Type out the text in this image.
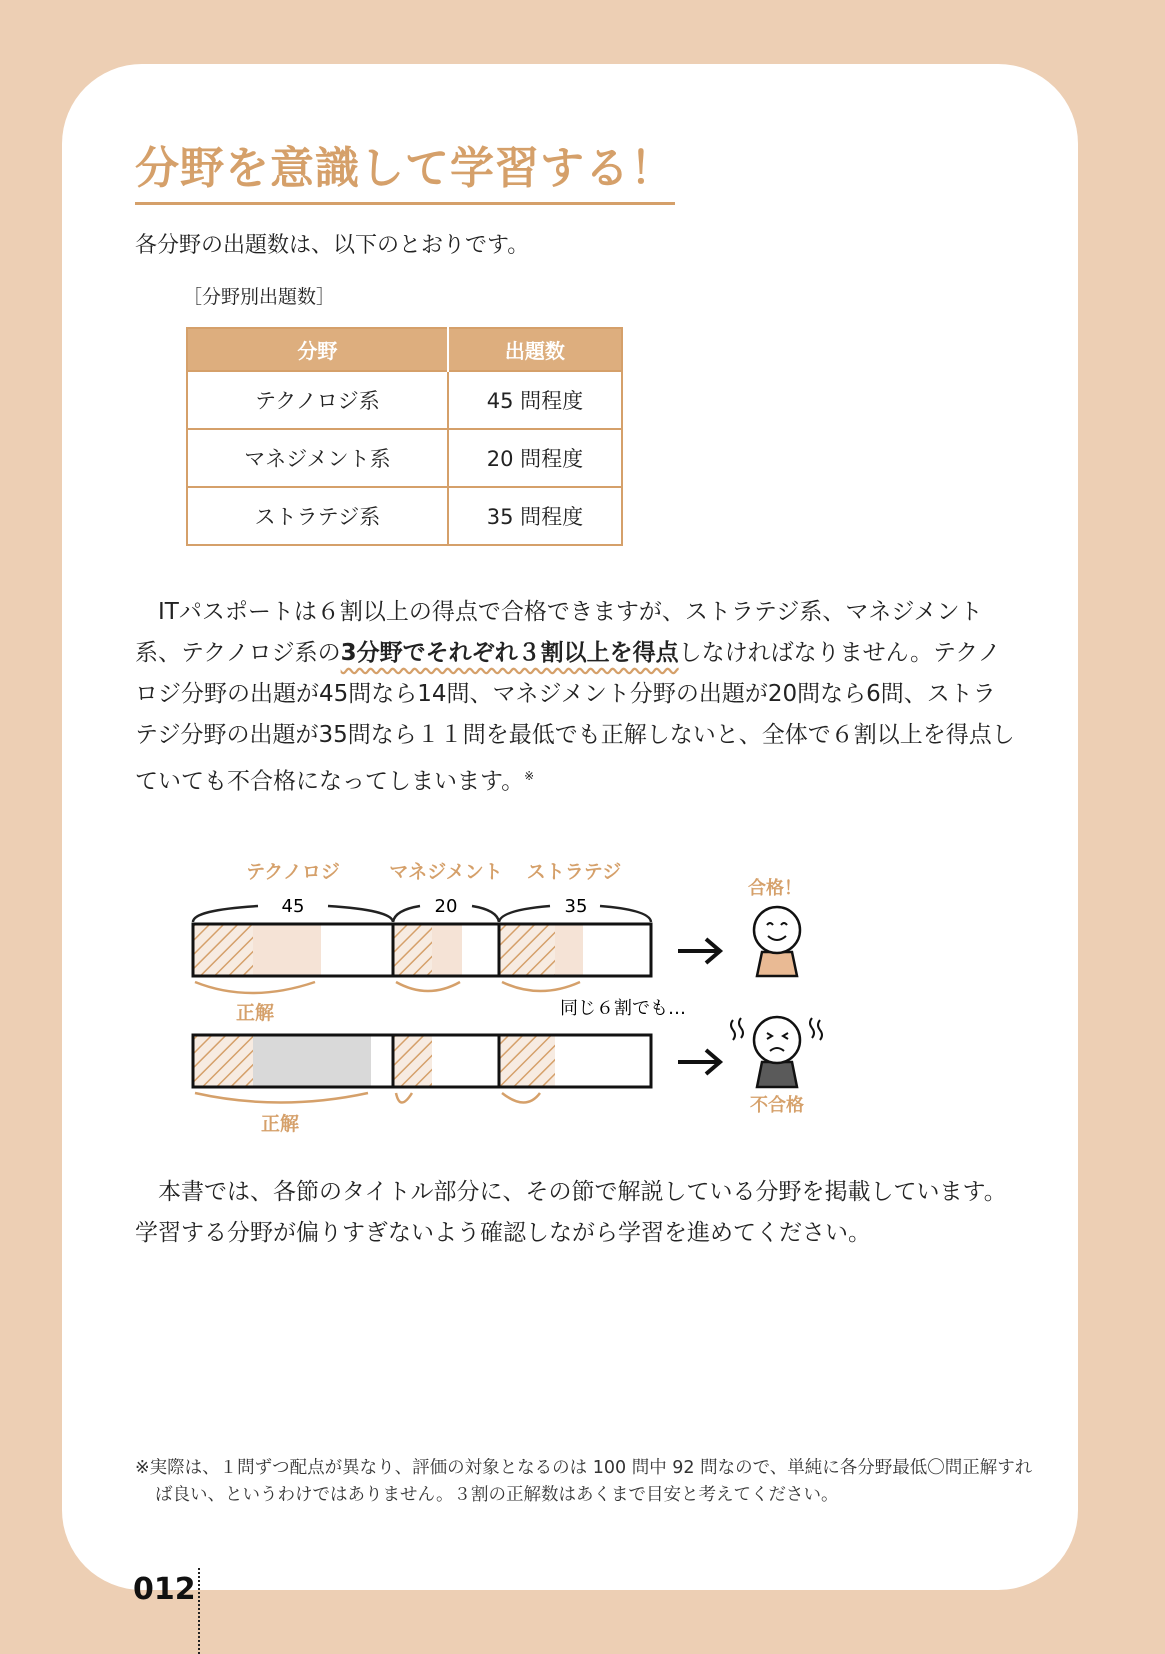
分野を意識して学習する！
各分野の出題数は、以下のとおりです。
［分野別出題数］
分野	出題数
テクノロジ系	45 問程度
マネジメント系	20 問程度
ストラテジ系	35 問程度

　ITパスポートは６割以上の得点で合格できますが、ストラテジ系、マネジメント系、テクノロジ系の3分野でそれぞれ３割以上を得点しなければなりません。テクノロジ分野の出題が45問なら14問、マネジメント分野の出題が20問なら6問、ストラテジ分野の出題が35問なら１１問を最低でも正解しないと、全体で６割以上を得点していても不合格になってしまいます。※

テクノロジ	マネジメント ストラテジ
45	20	35
正解	同じ６割でも…
合格！
正解
不合格

　本書では、各節のタイトル部分に、その節で解説している分野を掲載しています。学習する分野が偏りすぎないよう確認しながら学習を進めてください。

※実際は、１問ずつ配点が異なり、評価の対象となるのは 100 問中 92 問なので、単純に各分野最低〇問正解すれば良い、というわけではありません。３割の正解数はあくまで目安と考えてください。

012
